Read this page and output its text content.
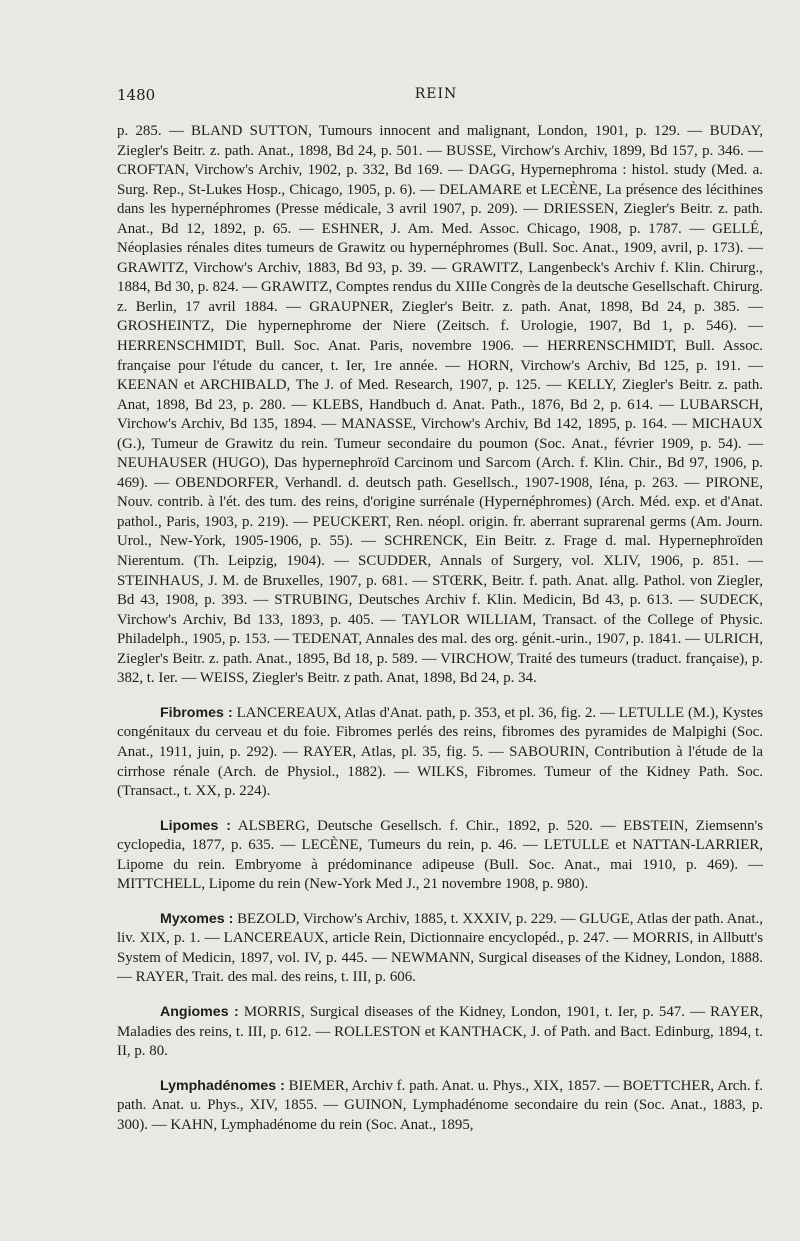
1480	REIN

p. 285. — BLAND SUTTON, Tumours innocent and malignant, London, 1901, p. 129. — BUDAY, Ziegler's Beitr. z. path. Anat., 1898, Bd 24, p. 501. — BUSSE, Virchow's Archiv, 1899, Bd 157, p. 346. — CROFTAN, Virchow's Archiv, 1902, p. 332, Bd 169. — DAGG, Hypernephroma : histol. study (Med. a. Surg. Rep., St-Lukes Hosp., Chicago, 1905, p. 6). — DELAMARE et LECÈNE, La présence des lécithines dans les hypernéphromes (Presse médicale, 3 avril 1907, p. 209). — DRIESSEN, Ziegler's Beitr. z. path. Anat., Bd 12, 1892, p. 65. — ESHNER, J. Am. Med. Assoc. Chicago, 1908, p. 1787. — GELLÉ, Néoplasies rénales dites tumeurs de Grawitz ou hypernéphromes (Bull. Soc. Anat., 1909, avril, p. 173). — GRAWITZ, Virchow's Archiv, 1883, Bd 93, p. 39. — GRAWITZ, Langenbeck's Archiv f. Klin. Chirurg., 1884, Bd 30, p. 824. — GRAWITZ, Comptes rendus du XIIIe Congrès de la deutsche Gesellschaft. Chirurg. z. Berlin, 17 avril 1884. — GRAUPNER, Ziegler's Beitr. z. path. Anat, 1898, Bd 24, p. 385. — GROSHEINTZ, Die hypernephrome der Niere (Zeitsch. f. Urologie, 1907, Bd 1, p. 546). — HERRENSCHMIDT, Bull. Soc. Anat. Paris, novembre 1906. — HERRENSCHMIDT, Bull. Assoc. française pour l'étude du cancer, t. Ier, 1re année. — HORN, Virchow's Archiv, Bd 125, p. 191. — KEENAN et ARCHIBALD, The J. of Med. Research, 1907, p. 125. — KELLY, Ziegler's Beitr. z. path. Anat, 1898, Bd 23, p. 280. — KLEBS, Handbuch d. Anat. Path., 1876, Bd 2, p. 614. — LUBARSCH, Virchow's Archiv, Bd 135, 1894. — MANASSE, Virchow's Archiv, Bd 142, 1895, p. 164. — MICHAUX (G.), Tumeur de Grawitz du rein. Tumeur secondaire du poumon (Soc. Anat., février 1909, p. 54). — NEUHAUSER (HUGO), Das hypernephroïd Carcinom und Sarcom (Arch. f. Klin. Chir., Bd 97, 1906, p. 469). — OBENDORFER, Verhandl. d. deutsch path. Gesellsch., 1907-1908, Iéna, p. 263. — PIRONE, Nouv. contrib. à l'ét. des tum. des reins, d'origine surrénale (Hypernéphromes) (Arch. Méd. exp. et d'Anat. pathol., Paris, 1903, p. 219). — PEUCKERT, Ren. néopl. origin. fr. aberrant suprarenal germs (Am. Journ. Urol., New-York, 1905-1906, p. 55). — SCHRENCK, Ein Beitr. z. Frage d. mal. Hypernephroïden Nierentum. (Th. Leipzig, 1904). — SCUDDER, Annals of Surgery, vol. XLIV, 1906, p. 851. — STEINHAUS, J. M. de Bruxelles, 1907, p. 681. — STŒRK, Beitr. f. path. Anat. allg. Pathol. von Ziegler, Bd 43, 1908, p. 393. — STRUBING, Deutsches Archiv f. Klin. Medicin, Bd 43, p. 613. — SUDECK, Virchow's Archiv, Bd 133, 1893, p. 405. — TAYLOR WILLIAM, Transact. of the College of Physic. Philadelph., 1905, p. 153. — TEDENAT, Annales des mal. des org. génit.-urin., 1907, p. 1841. — ULRICH, Ziegler's Beitr. z. path. Anat., 1895, Bd 18, p. 589. — VIRCHOW, Traité des tumeurs (traduct. française), p. 382, t. Ier. — WEISS, Ziegler's Beitr. z path. Anat, 1898, Bd 24, p. 34.

Fibromes : LANCEREAUX, Atlas d'Anat. path, p. 353, et pl. 36, fig. 2. — LETULLE (M.), Kystes congénitaux du cerveau et du foie. Fibromes perlés des reins, fibromes des pyramides de Malpighi (Soc. Anat., 1911, juin, p. 292). — RAYER, Atlas, pl. 35, fig. 5. — SABOURIN, Contribution à l'étude de la cirrhose rénale (Arch. de Physiol., 1882). — WILKS, Fibromes. Tumeur of the Kidney Path. Soc. (Transact., t. XX, p. 224).

Lipomes : ALSBERG, Deutsche Gesellsch. f. Chir., 1892, p. 520. — EBSTEIN, Ziemsenn's cyclopedia, 1877, p. 635. — LECÈNE, Tumeurs du rein, p. 46. — LETULLE et NATTAN-LARRIER, Lipome du rein. Embryome à prédominance adipeuse (Bull. Soc. Anat., mai 1910, p. 469). — MITTCHELL, Lipome du rein (New-York Med J., 21 novembre 1908, p. 980).

Myxomes : BEZOLD, Virchow's Archiv, 1885, t. XXXIV, p. 229. — GLUGE, Atlas der path. Anat., liv. XIX, p. 1. — LANCEREAUX, article Rein, Dictionnaire encyclopéd., p. 247. — MORRIS, in Allbutt's System of Medicin, 1897, vol. IV, p. 445. — NEWMANN, Surgical diseases of the Kidney, London, 1888. — RAYER, Trait. des mal. des reins, t. III, p. 606.

Angiomes : MORRIS, Surgical diseases of the Kidney, London, 1901, t. Ier, p. 547. — RAYER, Maladies des reins, t. III, p. 612. — ROLLESTON et KANTHACK, J. of Path. and Bact. Edinburg, 1894, t. II, p. 80.

Lymphadénomes : BIEMER, Archiv f. path. Anat. u. Phys., XIX, 1857. — BOETTCHER, Arch. f. path. Anat. u. Phys., XIV, 1855. — GUINON, Lymphadénome secondaire du rein (Soc. Anat., 1883, p. 300). — KAHN, Lymphadénome du rein (Soc. Anat., 1895,
